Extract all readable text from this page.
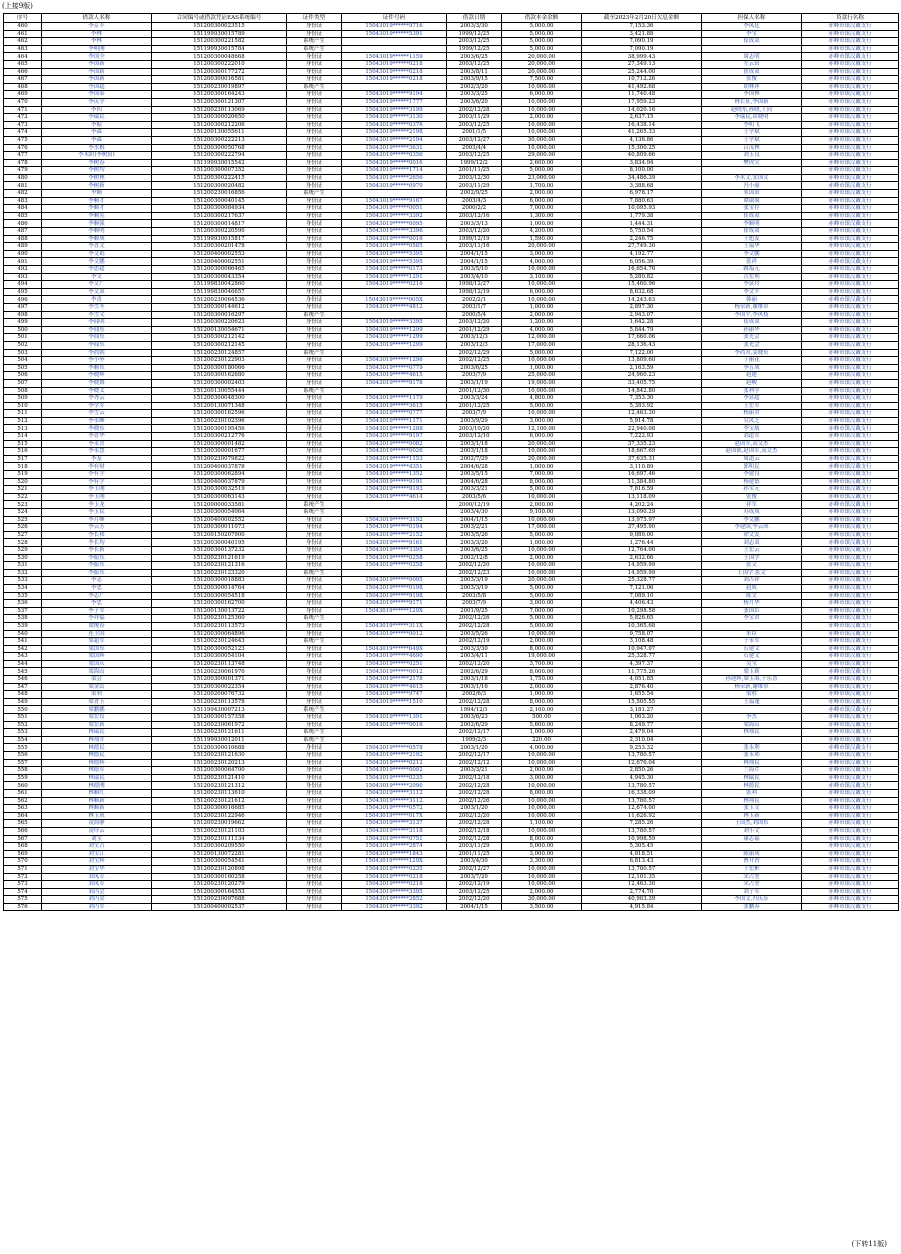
(上接9版)
序号	借款人名称	合同编号或借款凭证EAS系统编号	证件类型	证件号码	借款日期	借款本金余额	截至2023年2月20日欠息金额	担保人名称	贷款行名称
460	李京丰	151200300023515	身份证	15043019******9716	2003/3/30	5,000.00	7,153.36	李凤廷	赤峰市镇汉戴支行
461	李林	151199930015789	身份证	15043019******5391	1999/12/25	5,000.00	3,421.88	李宝	赤峰市镇汉戴支行
462	李林	151200300221582	系统产生		2003/12/25	5,000.00	7,090.19	崔成双	赤峰市镇汉戴支行
463	李明刚	151199930015784	系统产生		1999/12/25	5,000.00	7,090.19		赤峰市镇汉戴支行
464	李国全	151200300048668	身份证	15043019******1159	2003/6/25	20,000.00	38,999.43	周志明	赤峰市镇汉戴支行
465	李国新	151200300222010	身份证	15043019******0218	2003/12/25	20,000.00	27,349.13	左云田	赤峰市镇汉戴支行
466	李国新	151200300177272	身份证	15043019******0218	2003/8/11	20,000.00	25,244.00	崔成双	赤峰市镇汉戴支行
467	李国新	151200300016581	身份证	15043019******0218	2003/9/15	7,500.00	10,712.26	张俊	赤峰市镇汉戴支行
468	李国超	151200230019897	系统产生		2002/3/20	10,000.00	41,492.68	胡林祥	赤峰市镇汉戴支行
469	李国泰	151200300164243	身份证	15043019******9194	2003/3/25	6,000.00	11,740.48	李国林	赤峰市镇汉戴支行
470	李庆学	151200300121307	身份证	15043019******1777	2003/6/20	10,000.00	17,959.23	林长征,李国新	赤峰市镇汉戴支行
471	李四	151200230113069	身份证	15043019******3199	2002/12/28	10,000.00	14,020.16	赵晓东,孙晓,王同	赤峰市镇汉戴支行
472	李瑞民	151200300020650	身份证	15043019******3130	2003/11/29	2,000.00	2,637.15	李瑞民,谈晓明	赤峰市镇汉戴支行
473	李振	151200300212206	身份证	15043019******0376	2003/12/25	10,000.00	16,438.14	李明飞	赤峰市镇汉戴支行
474	李森	151200130055611	身份证	15043019******2198	2001/1/5	10,000.00	41,265.33	王学斌	赤峰市镇汉戴支行
475	李森	151200300222213	身份证	15043019******2194	2003/12/27	30,000.00	4,136.86	王学斌	赤峰市镇汉戴支行
476	李水根	151200300050768	身份证	15043019******3631	2003/4/4	10,000.00	15,300.25	吕茂林	赤峰市镇汉戴支行
477	李术阶(李树田)	151200300222794	身份证	15043019******0356	2003/12/25	29,000.00	40,809.66	刘玉良	赤峰市镇汉戴支行
478	李树春	151199930015542	身份证	15043019******0016	1999/12/2	2,600.00	3,834.94	樊玫宝	赤峰市镇汉戴支行
479	李树均	151200300007352	身份证	15043019******1714	2001/11/25	5,000.00	8,100.00		赤峰市镇汉戴支行
480	李树林	151200300222415	身份证	15043019******2656	2003/12/30	23,000.00	34,486.39	李术文,宋国文	赤峰市镇汉戴支行
481	李树新	151200300020482	身份证	15043019******0970	2003/11/29	1,700.00	3,388.68	冯小丽	赤峰市镇汉戴支行
482	李顺	151200230016856	系统产生		2002/9/25	2,000.00	6,978.17	朱国田	赤峰市镇汉戴支行
483	李顺才	151200300040145	身份证	15043019******9167	2003/4/3	6,000.00	7,880.63	谭淑海	赤峰市镇汉戴支行
484	李顺才	151200300084934	身份证	15043019******0051	2000/2/2	7,000.00	10,095.93	张宝存	赤峰市镇汉戴支行
485	李顺宪	151200300217637	身份证	15043019******3392	2003/12/16	1,300.00	1,779.38	崔成双	赤峰市镇汉戴支行
486	李顺强	151200300014817	身份证	15043019******0095	2003/3/13	1,000.00	1,444.31	李顺明	赤峰市镇汉戴支行
487	李顺明	151200300220590	身份证	15043019******3396	2003/12/20	4,200.00	5,750.54	崔成双	赤峰市镇汉戴支行
488	李顺成	151199930015817	身份证	15043019******0016	1999/12/19	1,590.00	2,246.75	王旭友	赤峰市镇汉戴支行
489	李喜文	151200300201478	身份证	15043019******0585	2003/11/16	20,000.00	27,749.30	王福华	赤峰市镇汉戴支行
490	李文娟	151200400002553	身份证	15043019******5395	2004/1/15	3,000.00	4,192.77	李文鹏	赤峰市镇汉戴支行
491	李文鹏	151200400002551	身份证	15043019******5395	2004/1/15	4,000.00	6,056.39	张祥	赤峰市镇汉戴支行
492	李思超	151200300066465	身份证	15043019******0173	2003/5/10	10,000.00	16,654.76	路福元	赤峰市镇汉戴支行
493	李文	151200300043354	身份证	15043019******1291	2003/4/10	3,100.00	5,280.82	吉宏利	赤峰市镇汉戴支行
494	李文广	151199830042860	身份证	15043019******0216	1998/12/27	10,000.00	15,460.96	李富玲	赤峰市镇汉戴支行
495	李文双	151199830046657	身份证		1998/12/19	6,000.00	8,632.68	李文平	赤峰市镇汉戴支行
496	李喜	151200230064536	身份证	15043019******005X	2002/2/1	10,000.00	14,243.63	韩丽	赤峰市镇汉戴支行
497	李雪冬	151200300144612	身份证	15043019******4812	2003/1/7	1,000.00	2,897.30	杨荣新,谢维章	赤峰市镇汉戴支行
498	李雪文	151200300016297	系统产生		2000/5/4	2,000.00	2,943.07	李国平,李风枝	赤峰市镇汉戴支行
499	李闻明	151200300220623	身份证	15043019******3395	2003/12/20	1,200.00	1,642.28	崔成双	赤峰市镇汉戴支行
500	李闻东	151200130054671	身份证	15043019******1299	2001/12/29	4,000.00	5,844.79	孙丽华	赤峰市镇汉戴支行
501	李闻东	151200300212142	身份证	15043019******1299	2003/12/3	12,000.00	17,660.06	张光会	赤峰市镇汉戴支行
502	李闻东	151200300212145	身份证	15043019******1299	2003/12/3	17,000.00	28,136.43	张光会	赤峰市镇汉戴支行
503	李尚朝	151200230124857	系统产生		2002/12/29	5,000.00	7,122.00	李尚君,姜晓东	赤峰市镇汉戴支行
504	李小坠	151200230122903	身份证	15043019******1296	2002/12/25	10,000.00	13,809.60	于丽花	赤峰市镇汉戴支行
505	李顺东	151200300180066	身份证	15043019******0779	2003/6/25	1,000.00	2,163.59	李五成	赤峰市镇汉戴支行
506	李晓辉	151200300162680	身份证	15043019******4615	2003/7/9	25,000.00	24,960.23	赵建	赤峰市镇汉戴支行
507	李晓舞	151200300002403	身份证	15043019******9178	2003/1/19	19,000.00	33,405.75	赵峻	赤峰市镇汉戴支行
508	李晓义	151200130055444	系统产生		2001/12/30	10,000.00	14,842.80	张利学	赤峰市镇汉戴支行
509	李秀云	151200300048300	身份证	15043019******1179	2003/3/24	4,800.00	7,353.30	李显超	赤峰市镇汉戴支行
510	李学军	151200130071348	身份证	15043019******3615	2001/12/25	5,000.00	5,383.92	王宏军	赤峰市镇汉戴支行
511	李雪云	151200300162596	身份证	15043019******0777	2003/7/9	10,000.00	12,463.30	杨丽君	赤峰市镇汉戴支行
512	李永峰	151200230102396	身份证	15043019******1171	2003/9/29	3,000.00	5,914.78	吴凤芝	赤峰市镇汉戴支行
513	李晓东	151200300195456	身份证	15043019******1288	2003/10/20	12,100.00	22,940.08	李宝航	赤峰市镇汉戴支行
514	李喜华	151200300212776	身份证	15043019******9197	2003/12/10	6,000.00	7,222.93	刘道军	赤峰市镇汉戴支行
515	李永喜	151200300001482	身份证	15043019******0082	2003/1/18	20,000.00	37,335.23	赵国军,高文杰	赤峰市镇汉戴支行
516	李永慧	151200300001677	身份证	15043019******0026	2003/1/18	10,000.00	18,667.69	赵国锁,赵国军,高文杰	赤峰市镇汉戴支行
517	李友	151200230079822	身份证	15043019******1153	2002/7/29	20,000.00	37,635.31	周道云	赤峰市镇汉戴支行
518	李有财	151200400037878	身份证	15043019******4351	2004/6/28	1,000.00	3,110.89	郭明民	赤峰市镇汉戴支行
519	李有学	151200300062894	身份证	15043019******1352	2003/5/15	7,000.00	16,697.46	李建良	赤峰市镇汉戴支行
520	李有学	151200400037879	身份证	15043019******9191	2004/6/28	8,000.00	11,384.80	杨建德	赤峰市镇汉戴支行
521	李玉刚	151200300032519	身份证	15043019******9193	2003/3/21	5,000.00	7,816.59	孙宝元	赤峰市镇汉戴支行
522	李玉刚	151200300063143	身份证	15043019******4614	2003/5/6	10,000.00	13,118.09	张俊	赤峰市镇汉戴支行
523	李玉龙	151200000033581	系统产生		2000/12/19	2,000.00	4,202.24	祥军	赤峰市镇汉戴支行
524	李玉民	151200300054064	系统产生		2003/4/30	9,100.00	13,090.29	苏成成	赤峰市镇汉戴支行
525	李月峰	151200400002552	身份证	15043019******3192	2004/1/15	10,000.00	13,975.97	李文鹏	赤峰市镇汉戴支行
526	李云芳	151200300011073	身份证	15043019******0194	2003/2/21	17,000.00	37,495.90	李建国,李云成	赤峰市镇汉戴支行
527	李长和	151200150207900	身份证	15043019******2152	2003/5/26	5,000.00	9,089.00	徐文友	赤峰市镇汉戴支行
528	李长均	151200300040195	身份证	15043019******9161	2003/3/20	1,000.00	1,276.44	刘志双	赤峰市镇汉戴支行
529	李长新	151200300137232	身份证	15043019******3395	2003/6/25	10,000.00	12,764.00	王宏云	赤峰市镇汉戴支行
530	李振东	151200230121619	身份证	15043019******0258	2002/12/8	2,000.00	2,632.66	王国学	赤峰市镇汉戴支行
531	李振东	151200230121316	身份证	15043019******0258	2002/12/20	10,000.00	14,959.99	张文	赤峰市镇汉戴支行
532	李振东	151200230123320	系统产生		2002/12/23	10,000.00	14,959.99	王国学,张文	赤峰市镇汉戴支行
533	李志	151200300018883	身份证	15043019******0095	2003/3/19	20,000.00	25,328.77	刘占祥	赤峰市镇汉戴支行
534	李忠	151200300014764	身份证	15043019******0198	2003/3/19	5,000.00	7,121.06	赵成	赤峰市镇汉戴支行
535	李志广	151200300054518	身份证	15043019******9198	2003/5/8	5,000.00	7,089.10	陈文	赤峰市镇汉戴支行
536	李忠	151200300162700	身份证	15043019******9171	2003/7/9	3,000.00	4,406.43	杨月华	赤峰市镇汉戴支行
537	李子军	151200130013722	身份证	15043019******129X	2001/9/25	7,000.00	10,298.58	张国臣	赤峰市镇汉戴支行
538	李祥福	151200230125360	系统产生		2002/12/26	5,000.00	5,826.65	李宝君	赤峰市镇汉戴支行
539	梁俊春	151200230113573	身份证	15043019******311X	2002/12/28	5,000.00	10,365.68		赤峰市镇汉戴支行
540	连卫国	151200300064896	身份证	15043019******0012	2003/5/26	10,000.00	9,758.07	朱臣	赤峰市镇汉戴支行
541	梁超军	151200230124643	系统产生		2002/12/19	2,000.00	3,108.48	于永军	赤峰市镇汉戴支行
542	梁国东	151200300052123	身份证	15043019******049X	2003/3/30	8,000.00	10,947.97	石建文	赤峰市镇汉戴支行
543	梁国辉	151200300054104	身份证	15043019******4690	2003/4/11	19,000.00	25,328.77	石建文	赤峰市镇汉戴支行
544	梁国庆	151200230113748	身份证	15043019******0251	2002/12/20	3,700.00	4,397.37	吴宝	赤峰市镇汉戴支行
545	梁海山	151200230061970	身份证	15043019******0012	2002/6/29	8,000.00	11,775.26	梁玉新	赤峰市镇汉戴支行
546	梁会	151200300001371	身份证	15043019******2178	2003/1/18	1,750.00	4,051.85	孙迎辉,梁玉海,于乐喜	赤峰市镇汉戴支行
547	梁金山	151200300022354	身份证	15043019******4615	2003/1/16	2,000.00	2,876.40	杨荣新,谢维章	赤峰市镇汉戴支行
548	梁利	151200200076732	身份证	15043019******9747	2002/6/3	1,000.00	1,655.54	梁胜	赤峰市镇汉戴支行
549	梁青玉	151200230113578	身份证	15043019******1510	2002/12/28	8,000.00	15,505.55	王福蓬	赤峰市镇汉戴支行
550	梁鹏鹏	151199430007213	系统产生		1994/12/1	2,100.00	3,181.27		赤峰市镇汉戴支行
551	梁宏仪	151200300157358	身份证	15043019******1391	2003/6/23	500.00	1,063.20	李杰	赤峰市镇汉戴支行
552	梁宏新	151200230061972	身份证	15043019******0016	2002/6/29	5,600.00	8,249.77	梁海山	赤峰市镇汉戴支行
553	林瑞民	151200230121611	系统产生		2002/12/17	1,000.00	2,479.04	林翔民	赤峰市镇汉戴支行
554	林翔军	151199930012011	系统产生		1999/2/3	220.00	2,310.04		赤峰市镇汉戴支行
555	林德民	151200300010688	身份证	15043019******0578	2003/1/20	4,000.00	9,253.32	张永利	赤峰市镇汉戴支行
556	林德民	151200230121630	身份证	15043019******2192	2002/12/17	10,000.00	13,780.57	张永利	赤峰市镇汉戴支行
557	林德辉	151200230120213	身份证	15043019******0212	2002/12/12	10,000.00	12,676.04	林翔民	赤峰市镇汉戴支行
558	林德军	151200300064700	身份证	15043019******0092	2003/3/21	2,000.00	2,850.26	兰海芹	赤峰市镇汉戴支行
559	林瑞民	151200230121410	身份证	15043019******0235	2002/12/18	3,000.00	4,945.30	林瑞民	赤峰市镇汉戴支行
560	林德刚	151200230121312	身份证	15043019******2090	2002/12/28	10,000.00	13,780.57	林德民	赤峰市镇汉戴支行
561	林顺红	151200230113610	身份证	15043019******3112	2002/12/28	8,000.00	16,338.09	张利	赤峰市镇汉戴支行
562	林顺新	151200230121612	身份证	15043019******3112	2002/12/26	10,000.00	13,780.57	林翔民	赤峰市镇汉戴支行
563	林顺新	151200300016685	身份证	15043019******0572	2003/1/20	10,000.00	12,674.00	张玉文	赤峰市镇汉戴支行
564	林玉成	151200230122946	身份证	15043019******017X	2002/12/20	10,000.00	11,626.92	林玉新	赤峰市镇汉戴支行
565	凌海静	151200230019662	身份证	15043019******3137	2002/12/28	1,100.00	7,285.26	王国杰,刘国东	赤峰市镇汉戴支行
566	凌玲云	151200230121103	身份证	15043019******3118	2002/12/18	10,000.00	13,780.57	刘小文	赤峰市镇汉戴支行
567	刘宝	151200230111134	身份证	15043019******0751	2002/12/28	8,000.00	10,998.59	康志福	赤峰市镇汉戴支行
568	刘宝占	151200300209550	身份证	15043019******2874	2003/11/29	5,000.00	5,305.45		赤峰市镇汉戴支行
569	刘宝江	151200130072281	身份证	15043019******1843	2001/11/25	3,000.00	4,818.51	陈丽成	赤峰市镇汉戴支行
570	刘宝辉	151200300054541	身份证	15043019******129X	2003/4/30	3,300.00	6,813.43	曹开香	赤峰市镇汉戴支行
571	刘宝华	151200230120898	身份证	15043019******0235	2002/12/27	10,000.00	13,780.57	于宏彬	赤峰市镇汉戴支行
572	刘凤军	151200300160258	身份证	15043019******0218	2003/7/20	10,000.00	12,101.35	宋占奎	赤峰市镇汉戴支行
573	刘凤军	151200230120279	身份证	15043019******0218	2002/12/19	10,000.00	12,463.30	宋占奎	赤峰市镇汉戴支行
574	刘丙会	151200300164553	身份证	15043019******3395	2003/12/25	2,000.00	2,774.70	刘子军	赤峰市镇汉戴支行
575	刘丙金	151200230097688	身份证	15043019******2852	2002/12/20	30,000.00	40,903.39	李国文,冯庆乐	赤峰市镇汉戴支行
576	刘丙军	151200400002537	身份证	15043019******3392	2004/1/15	3,500.00	4,915.84	张鹏春	赤峰市镇汉戴支行
(下转11版)
